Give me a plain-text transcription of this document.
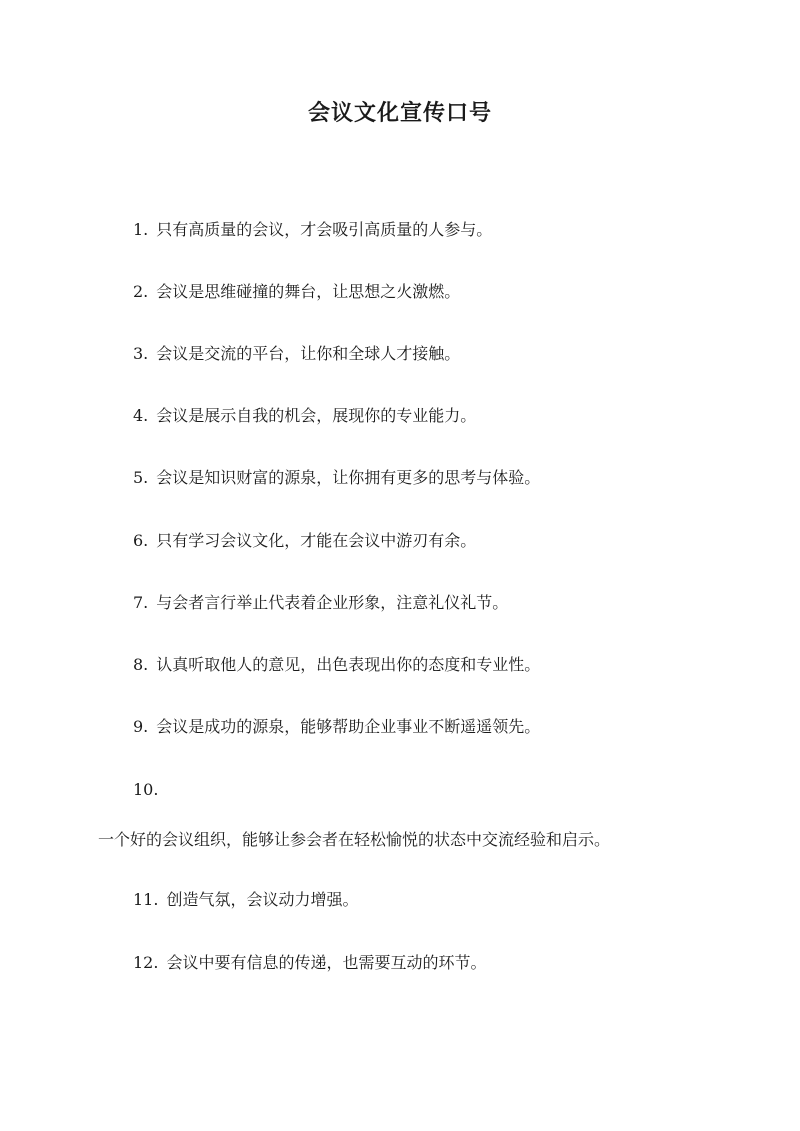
会议文化宣传口号
1. 只有高质量的会议，才会吸引高质量的人参与。
2. 会议是思维碰撞的舞台，让思想之火激燃。
3. 会议是交流的平台，让你和全球人才接触。
4. 会议是展示自我的机会，展现你的专业能力。
5. 会议是知识财富的源泉，让你拥有更多的思考与体验。
6. 只有学习会议文化，才能在会议中游刃有余。
7. 与会者言行举止代表着企业形象，注意礼仪礼节。
8. 认真听取他人的意见，出色表现出你的态度和专业性。
9. 会议是成功的源泉，能够帮助企业事业不断遥遥领先。
10.
一个好的会议组织，能够让参会者在轻松愉悦的状态中交流经验和启示。
11. 创造气氛，会议动力增强。
12. 会议中要有信息的传递，也需要互动的环节。
